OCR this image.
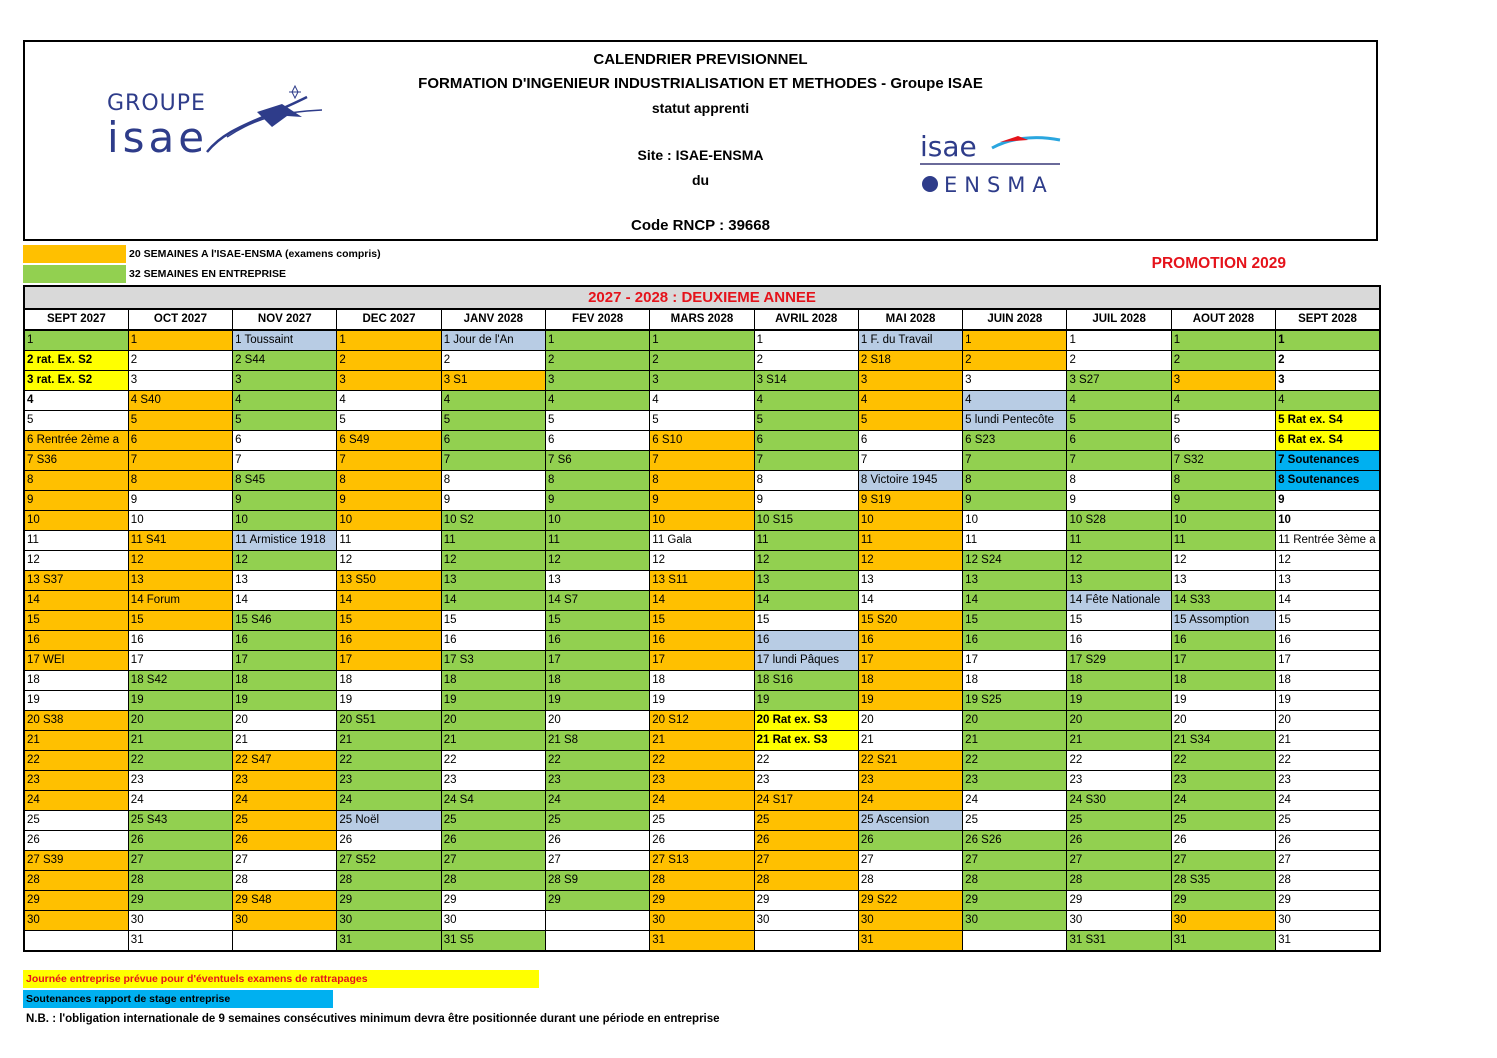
CALENDRIER PREVISIONNEL
FORMATION D'INGENIEUR INDUSTRIALISATION ET METHODES - Groupe ISAE
statut apprenti
Site : ISAE-ENSMA
du
Code RNCP : 39668
GROUPE
isae	isae
ENSMA
20 SEMAINES A l'ISAE-ENSMA (examens compris)
32 SEMAINES EN ENTREPRISE
PROMOTION 2029
2027 - 2028 : DEUXIEME ANNEE												
SEPT 2027	OCT 2027	NOV 2027	DEC 2027	JANV 2028	FEV 2028	MARS 2028	AVRIL 2028	MAI 2028	JUIN 2028	JUIL 2028	AOUT 2028	SEPT 2028
1	1	1 Toussaint	1	1 Jour de l'An	1	1	1	1 F. du Travail	1	1	1	1
2 rat. Ex. S2	2	2 S44	2	2	2	2	2	2 S18	2	2	2	2
3 rat. Ex. S2	3	3	3	3 S1	3	3	3 S14	3	3	3 S27	3	3
4	4 S40	4	4	4	4	4	4	4	4	4	4	4
5	5	5	5	5	5	5	5	5	5 lundi Pentecôte	5	5	5 Rat ex. S4
6 Rentrée 2ème a	6	6	6 S49	6	6	6 S10	6	6	6 S23	6	6	6 Rat ex. S4
7 S36	7	7	7	7	7 S6	7	7	7	7	7	7 S32	7 Soutenances
8	8	8 S45	8	8	8	8	8	8 Victoire 1945	8	8	8	8 Soutenances
9	9	9	9	9	9	9	9	9 S19	9	9	9	9
10	10	10	10	10 S2	10	10	10 S15	10	10	10 S28	10	10
11	11 S41	11 Armistice 1918	11	11	11	11 Gala	11	11	11	11	11	11 Rentrée 3ème a
12	12	12	12	12	12	12	12	12	12 S24	12	12	12
13 S37	13	13	13 S50	13	13	13 S11	13	13	13	13	13	13
14	14 Forum	14	14	14	14 S7	14	14	14	14	14 Fête Nationale	14 S33	14
15	15	15 S46	15	15	15	15	15	15 S20	15	15	15 Assomption	15
16	16	16	16	16	16	16	16	16	16	16	16	16
17 WEI	17	17	17	17 S3	17	17	17 lundi Pâques	17	17	17 S29	17	17
18	18 S42	18	18	18	18	18	18 S16	18	18	18	18	18
19	19	19	19	19	19	19	19	19	19 S25	19	19	19
20 S38	20	20	20 S51	20	20	20 S12	20 Rat ex. S3	20	20	20	20	20
21	21	21	21	21	21 S8	21	21 Rat ex. S3	21	21	21	21 S34	21
22	22	22 S47	22	22	22	22	22	22 S21	22	22	22	22
23	23	23	23	23	23	23	23	23	23	23	23	23
24	24	24	24	24 S4	24	24	24 S17	24	24	24 S30	24	24
25	25 S43	25	25 Noël	25	25	25	25	25 Ascension	25	25	25	25
26	26	26	26	26	26	26	26	26	26 S26	26	26	26
27 S39	27	27	27 S52	27	27	27 S13	27	27	27	27	27	27
28	28	28	28	28	28 S9	28	28	28	28	28	28 S35	28
29	29	29 S48	29	29	29	29	29	29 S22	29	29	29	29
30	30	30	30	30		30	30	30	30	30	30	30
	31		31	31 S5		31		31		31 S31	31	31
Journée entreprise prévue pour d'éventuels examens de rattrapages
Soutenances rapport de stage entreprise
N.B. : l'obligation internationale de 9 semaines consécutives minimum devra être positionnée durant une période en entreprise
